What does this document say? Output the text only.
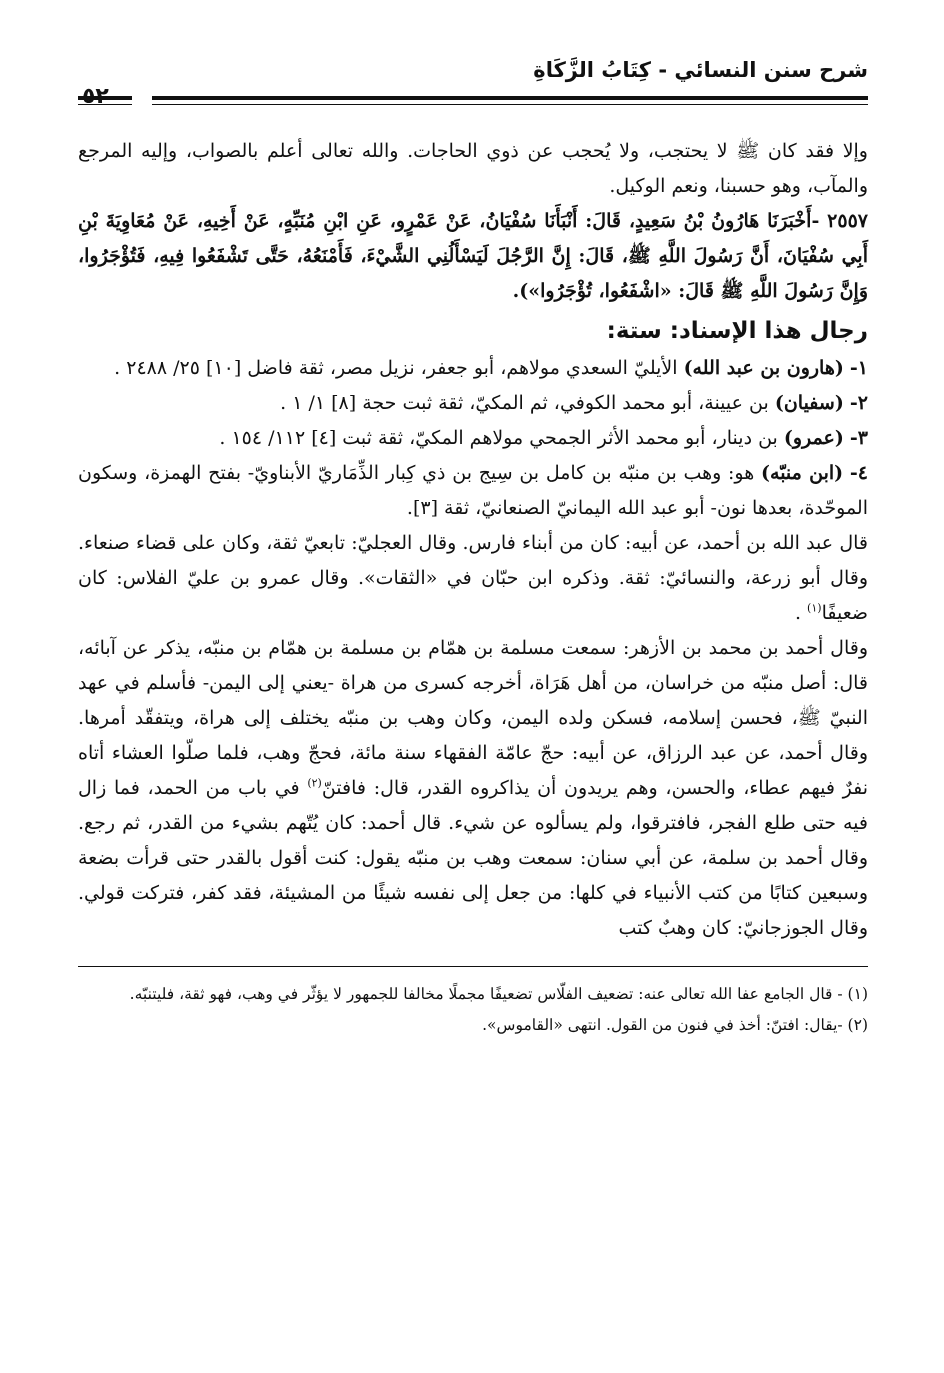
شرح سنن النسائي - كِتَابُ الزَّكَاةِ

وإلا فقد كان ﷺ لا يحتجب، ولا يُحجب عن ذوي الحاجات. والله تعالى أعلم بالصواب، وإليه المرجع والمآب، وهو حسبنا، ونعم الوكيل.

٢٥٥٧ -أَخْبَرَنَا هَارُونُ بْنُ سَعِيدٍ، قَالَ: أَنْبَأَنَا سُفْيَانُ، عَنْ عَمْرٍو، عَنِ ابْنِ مُنَبِّهٍ، عَنْ أَخِيهِ، عَنْ مُعَاوِيَةَ بْنِ أَبِي سُفْيَانَ، أَنَّ رَسُولَ اللَّهِ ﷺ، قَالَ: إِنَّ الرَّجُلَ لَيَسْأَلُنِي الشَّيْءَ، فَأَمْنَعُهُ، حَتَّى تَشْفَعُوا فِيهِ، فَتُؤْجَرُوا، وَإِنَّ رَسُولَ اللَّهِ ﷺ قَالَ: «اشْفَعُوا، تُؤْجَرُوا»).

رجال هذا الإسناد: ستة:

١- (هارون بن عبد الله) الأيليّ السعدي مولاهم، أبو جعفر، نزيل مصر، ثقة فاضل [١٠] ٢٥/ ٢٤٨٨ .

٢- (سفيان) بن عيينة، أبو محمد الكوفي، ثم المكيّ، ثقة ثبت حجة [٨] ١/ ١ .

٣- (عمرو) بن دينار، أبو محمد الأثر الجمحي مولاهم المكيّ، ثقة ثبت [٤] ١١٢/ ١٥٤ .

٤- (ابن منبّه) هو: وهب بن منبّه بن كامل بن سِيج بن ذي كِبار الذِّمَاريّ الأبناويّ- بفتح الهمزة، وسكون الموحّدة، بعدها نون- أبو عبد الله اليمانيّ الصنعانيّ، ثقة [٣].

قال عبد الله بن أحمد، عن أبيه: كان من أبناء فارس. وقال العجليّ: تابعيّ ثقة، وكان على قضاء صنعاء. وقال أبو زرعة، والنسائيّ: ثقة. وذكره ابن حبّان في «الثقات». وقال عمرو بن عليّ الفلاس: كان ضعيفًا$^{(١)}$ .

وقال أحمد بن محمد بن الأزهر: سمعت مسلمة بن همّام بن مسلمة بن همّام بن منبّه، يذكر عن آبائه، قال: أصل منبّه من خراسان، من أهل هَرَاة، أخرجه كسرى من هراة -يعني إلى اليمن- فأسلم في عهد النبيّ ﷺ، فحسن إسلامه، فسكن ولده اليمن، وكان وهب بن منبّه يختلف إلى هراة، ويتفقّد أمرها. وقال أحمد، عن عبد الرزاق، عن أبيه: حجّ عامّة الفقهاء سنة مائة، فحجّ وهب، فلما صلّوا العشاء أتاه نفرٌ فيهم عطاء، والحسن، وهم يريدون أن يذاكروه القدر، قال: فافتنّ$^{(٢)}$ في باب من الحمد، فما زال فيه حتى طلع الفجر، فافترقوا، ولم يسألوه عن شيء. قال أحمد: كان يُتّهم بشيء من القدر، ثم رجع. وقال أحمد بن سلمة، عن أبي سنان: سمعت وهب بن منبّه يقول: كنت أقول بالقدر حتى قرأت بضعة وسبعين كتابًا من كتب الأنبياء في كلها: من جعل إلى نفسه شيئًا من المشيئة، فقد كفر، فتركت قولي. وقال الجوزجانيّ: كان وهبٌ كتب

(١) - قال الجامع عفا الله تعالى عنه: تضعيف الفلّاس تضعيفًا مجملًا مخالفا للجمهور لا يؤثّر في وهب، فهو ثقة، فليتنبّه.

(٢) -يقال: افتنّ: أخذ في فنون من القول. انتهى «القاموس».
